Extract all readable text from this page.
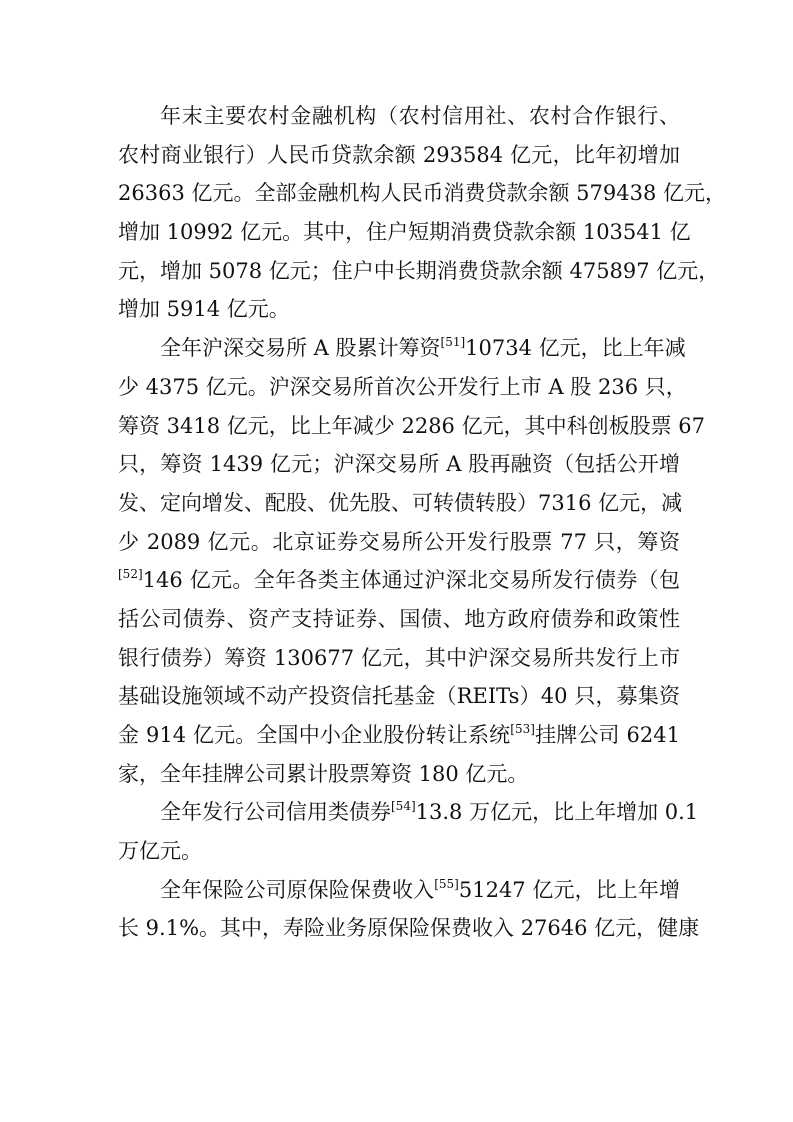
年末主要农村金融机构（农村信用社、农村合作银行、
农村商业银行）人民币贷款余额 293584 亿元，比年初增加
26363 亿元。全部金融机构人民币消费贷款余额 579438 亿元，
增加 10992 亿元。其中，住户短期消费贷款余额 103541 亿
元，增加 5078 亿元；住户中长期消费贷款余额 475897 亿元，
增加 5914 亿元。
全年沪深交易所 A 股累计筹资[51]10734 亿元，比上年减
少 4375 亿元。沪深交易所首次公开发行上市 A 股 236 只，
筹资 3418 亿元，比上年减少 2286 亿元，其中科创板股票 67
只，筹资 1439 亿元；沪深交易所 A 股再融资（包括公开增
发、定向增发、配股、优先股、可转债转股）7316 亿元，减
少 2089 亿元。北京证券交易所公开发行股票 77 只，筹资
[52]146 亿元。全年各类主体通过沪深北交易所发行债券（包
括公司债券、资产支持证券、国债、地方政府债券和政策性
银行债券）筹资 130677 亿元，其中沪深交易所共发行上市
基础设施领域不动产投资信托基金（REITs）40 只，募集资
金 914 亿元。全国中小企业股份转让系统[53]挂牌公司 6241
家，全年挂牌公司累计股票筹资 180 亿元。
全年发行公司信用类债券[54]13.8 万亿元，比上年增加 0.1
万亿元。
全年保险公司原保险保费收入[55]51247 亿元，比上年增
长 9.1%。其中，寿险业务原保险保费收入 27646 亿元，健康
